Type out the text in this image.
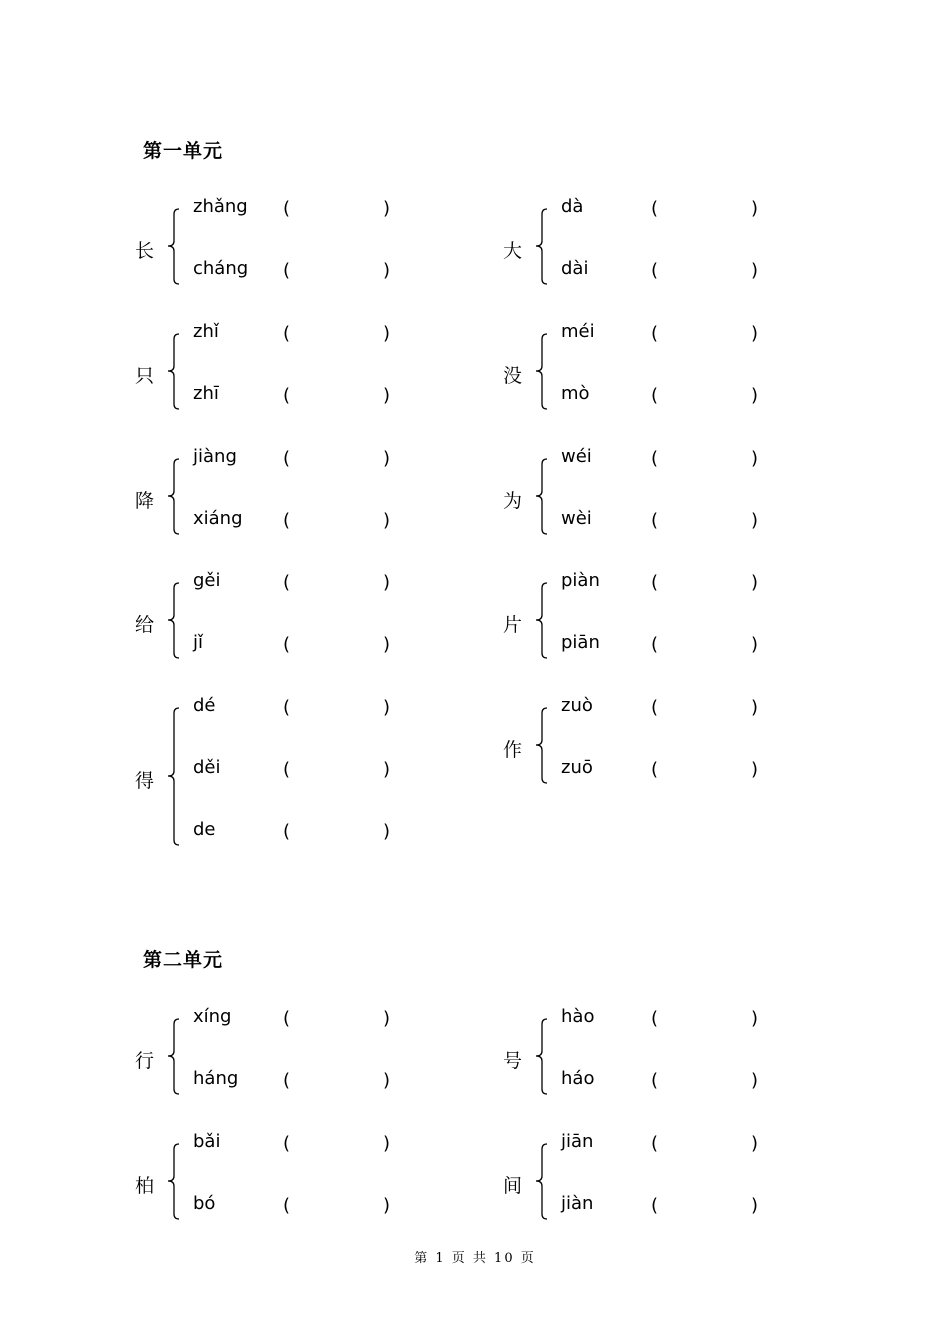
第一单元
长
zhǎng (	)
cháng (	)
大
dà	(	)
dài	(	)
只
zhǐ	(	)
zhī	(	)
没
méi	(	)
mò	(	)
降
jiàng	(	)
xiáng (	)
为
wéi	(	)
wèi	(	)
给
gěi	(	)
jǐ	(	)
片
piàn	(	)
piān	(	)
得
dé	(	)
děi	(	)
de	(	)
作
zuò	(	)
zuō	(	)
第二单元
行
xíng	(	)
háng (	)
号
hào	(	)
háo	(	)
柏
bǎi	(	)
bó	(	)
间
jiān	(	)
jiàn	(	)
第 1 页 共 10 页
